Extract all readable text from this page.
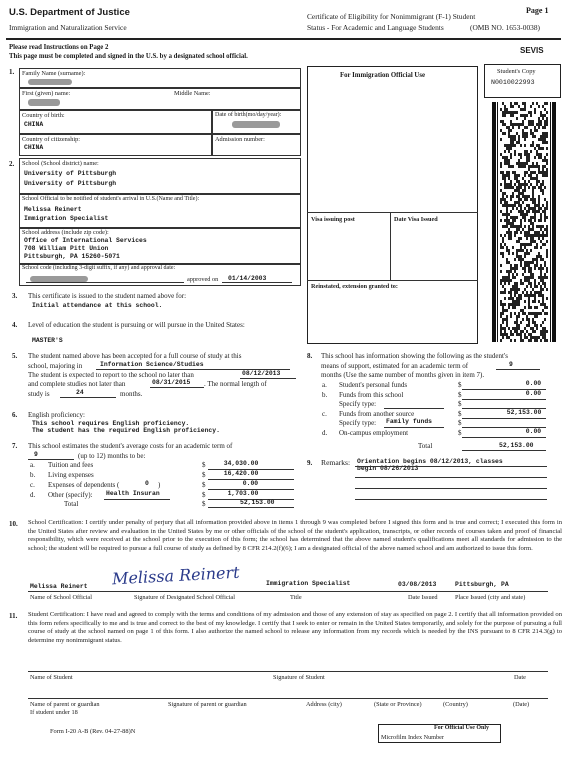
U.S. Department of Justice
Immigration and Naturalization Service
Certificate of Eligibility for Nonimmigrant (F-1) Student
Status - For Academic and Language Students	(OMB NO. 1653-0038)
Page 1
Please read Instructions on Page 2
This page must be completed and signed in the U.S. by a designated school official.
SEVIS
Student's Copy
N0010022993
1. Family Name (surname):
First (given) name:	Middle Name:
Country of birth:
CHINA
Date of birth(mo/day/year):
Country of citizenship:
CHINA
Admission number:
2. School (School district) name:
University of Pittsburgh
University of Pittsburgh
School Official to be notified of student's arrival in U.S.(Name and Title):
Melissa Reinert
Immigration Specialist
School address (include zip code):
Office of International Services
708 William Pitt Union
Pittsburgh, PA 15260-5071
School code (including 3-digit suffix, if any) and approval date:
approved on 01/14/2003
For Immigration Official Use
Visa issuing post	Date Visa Issued
Reinstated, extension granted to:
3. This certificate is issued to the student named above for:
Initial attendance at this school.
4. Level of education the student is pursuing or will pursue in the United States:
MASTER'S
5. The student named above has been accepted for a full course of study at this
school, majoring in	Information Science/Studies
The student is expected to report to the school no later than	08/12/2013
and complete studies not later than	08/31/2015 . The normal length of
study is	24	months.
6. English proficiency:
This school requires English proficiency.
The student has the required English proficiency.
7. This school estimates the student's average costs for an academic term of
9	(up to 12) months to be:
a. Tuition and fees	$	34,030.00
b. Living expenses	$	16,420.00
c. Expenses of dependents (	0 )	$	0.00
d. Other (specify): Health Insuran	$	1,703.00
Total	$	52,153.00
8. This school has information showing the following as the student's
means of support, estimated for an academic term of	9
months (Use the same number of months given in item 7).
a. Student's personal funds	$	0.00
b. Funds from this school	$	0.00
Specify type:	$
c. Funds from another source	$	52,153.00
Specify type: Family funds	$
d. On-campus employment	$	0.00
Total	52,153.00
9. Remarks: Orientation begins 08/12/2013, classes
begin 08/26/2013
10. School Certification: I certify under penalty of perjury that all information provided above in items 1 through 9 was completed before I signed this form and is true and correct; I executed this form in the United States after review and evaluation in the United States by me or other officials of the school of the student's application, transcripts, or other records of courses taken and proof of financial responsibility, which were received at the school prior to the execution of this form; the school has determined that the above named student's qualifications meet all standards for admission to the school; the student will be required to pursue a full course of study as defined by 8 CFR 214.2(f)(6); I am a designated official of the above named school and am authorized to issue this form.
Melissa Reinert
Melissa Reinert	Immigration Specialist	03/08/2013	Pittsburgh, PA
Name of School Official	Signature of Designated School Official	Title	Date Issued	Place Issued (city and state)
11. Student Certification: I have read and agreed to comply with the terms and conditions of my admission and those of any extension of stay as specified on page 2. I certify that all information provided on this form refers specifically to me and is true and correct to the best of my knowledge. I certify that I seek to enter or remain in the United States temporarily, and solely for the purpose of pursuing a full course of study at the school named on page 1 of this form. I also authorize the named school to release any information from my records which is needed by the INS pursuant to 8 CFR 214.3(g) to determine my nonimmigrant status.
Name of Student	Signature of Student	Date
Name of parent or guardian	Signature of parent or guardian	Address (city)	(State or Province)	(Country)	(Date)
If student under 18
Form I-20 A-B (Rev. 04-27-88)N	For Official Use Only
Microfilm Index Number
